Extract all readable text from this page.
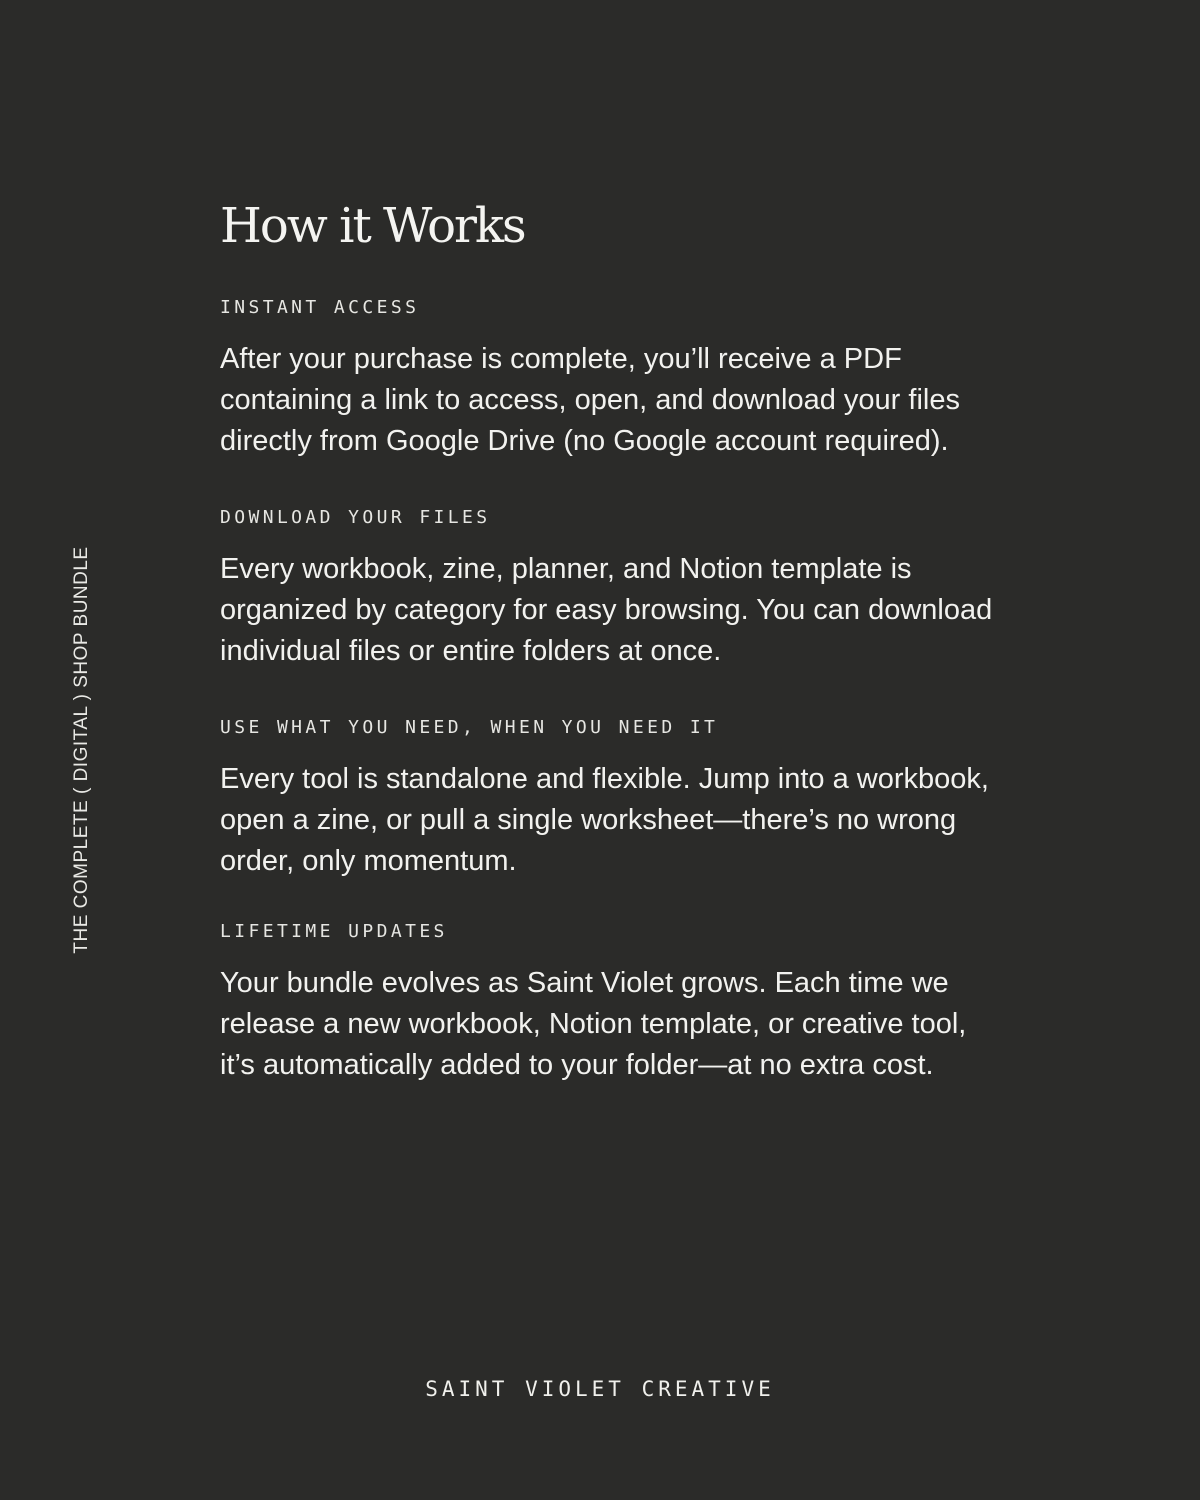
THE COMPLETE ( DIGITAL ) SHOP BUNDLE
How it Works

INSTANT ACCESS

After your purchase is complete, you’ll receive a PDF containing a link to access, open, and download your files directly from Google Drive (no Google account required).

DOWNLOAD YOUR FILES

Every workbook, zine, planner, and Notion template is organized by category for easy browsing. You can download individual files or entire folders at once.

USE WHAT YOU NEED, WHEN YOU NEED IT

Every tool is standalone and flexible. Jump into a workbook, open a zine, or pull a single worksheet—there’s no wrong order, only momentum.

LIFETIME UPDATES

Your bundle evolves as Saint Violet grows. Each time we release a new workbook, Notion template, or creative tool, it’s automatically added to your folder—at no extra cost.

SAINT VIOLET CREATIVE
